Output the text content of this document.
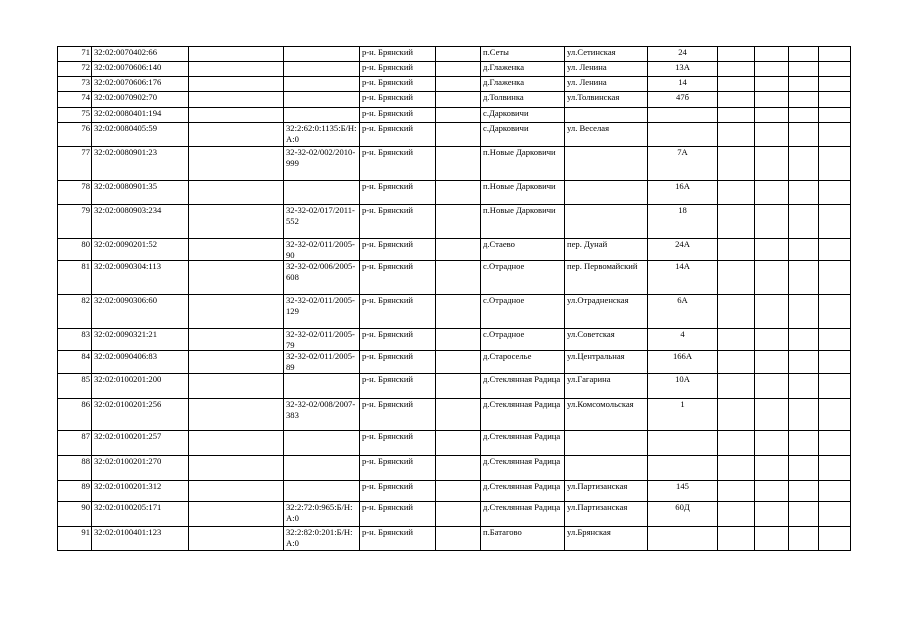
71	32:02:0070402:66			р-н. Брянский		п.Сеты	ул.Сетинская	24				
72	32:02:0070606:140			р-н. Брянский		д.Глаженка	ул. Ленина	13А				
73	32:02:0070606:176			р-н. Брянский		д.Глаженка	ул. Ленина	14				
74	32:02:0070902:70			р-н. Брянский		д.Толвинка	ул.Толвинская	47б				
75	32:02:0080401:194			р-н. Брянский		с.Дарковичи						
76	32:02:0080405:59		32:2:62:0:1135:Б/Н:А:0	р-н. Брянский		с.Дарковичи	ул. Веселая					
77	32:02:0080901:23		32-32-02/002/2010-999	р-н. Брянский		п.Новые Дарковичи		7А				
78	32:02:0080901:35			р-н. Брянский		п.Новые Дарковичи		16А				
79	32:02:0080903:234		32-32-02/017/2011-552	р-н. Брянский		п.Новые Дарковичи		18				
80	32:02:0090201:52		32-32-02/011/2005-90	р-н. Брянский		д.Стаево	пер. Дунай	24А				
81	32:02:0090304:113		32-32-02/006/2005-608	р-н. Брянский		с.Отрадное	пер. Первомайский	14А				
82	32:02:0090306:60		32-32-02/011/2005-129	р-н. Брянский		с.Отрадное	ул.Отрадненская	6А				
83	32:02:0090321:21		32-32-02/011/2005-79	р-н. Брянский		с.Отрадное	ул.Советская	4				
84	32:02:0090406:83		32-32-02/011/2005-89	р-н. Брянский		д.Староселье	ул.Центральная	166А				
85	32:02:0100201:200			р-н. Брянский		д.Стеклянная Радица	ул.Гагарина	10А				
86	32:02:0100201:256		32-32-02/008/2007-383	р-н. Брянский		д.Стеклянная Радица	ул.Комсомольская	1				
87	32:02:0100201:257			р-н. Брянский		д.Стеклянная Радица						
88	32:02:0100201:270			р-н. Брянский		д.Стеклянная Радица						
89	32:02:0100201:312			р-н. Брянский		д.Стеклянная Радица	ул.Партизанская	145				
90	32:02:0100205:171		32:2:72:0:965:Б/Н:А:0	р-н. Брянский		д.Стеклянная Радица	ул.Партизанская	60Д				
91	32:02:0100401:123		32:2:82:0:201:Б/Н:А:0	р-н. Брянский		п.Батагово	ул.Брянская					
